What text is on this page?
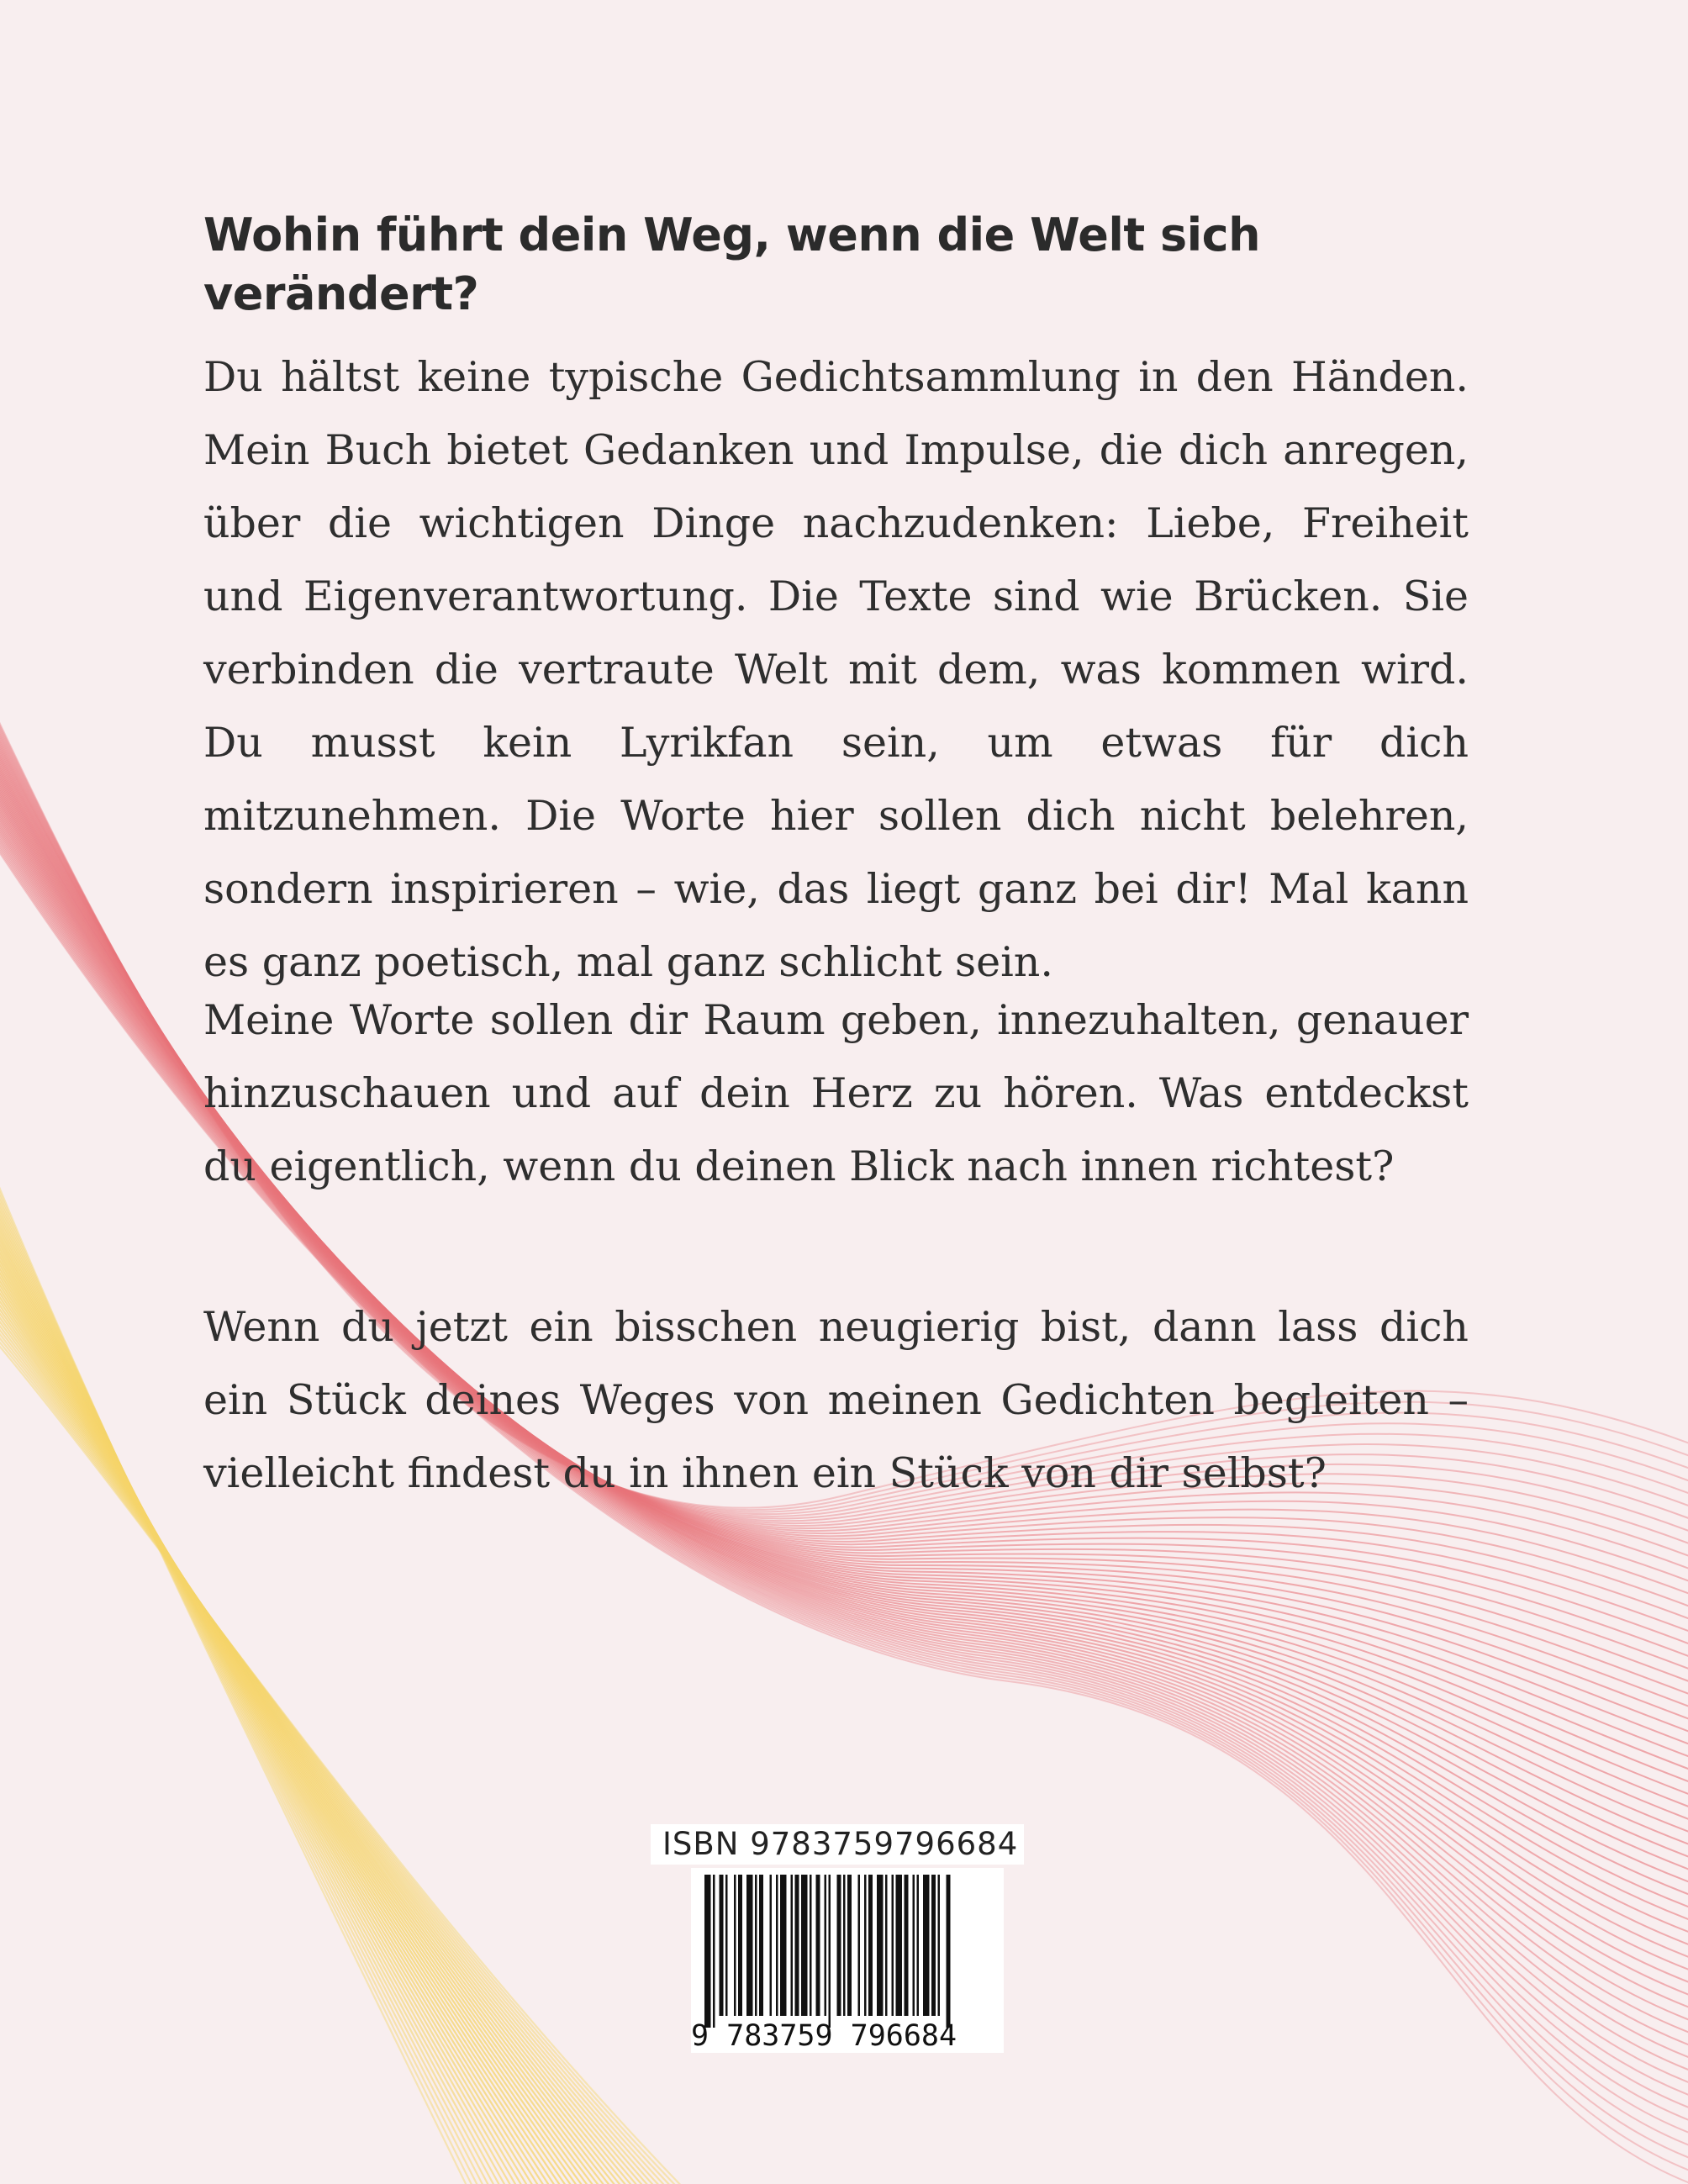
Wohin führt dein Weg, wenn die Welt sich verändert?

Du hältst keine typische Gedichtsammlung in den Händen. Mein Buch bietet Gedanken und Impulse, die dich anregen, über die wichtigen Dinge nachzudenken: Liebe, Freiheit und Eigenverantwortung. Die Texte sind wie Brücken. Sie verbinden die vertraute Welt mit dem, was kommen wird. Du musst kein Lyrikfan sein, um etwas für dich mitzunehmen. Die Worte hier sollen dich nicht belehren, sondern inspirieren – wie, das liegt ganz bei dir! Mal kann es ganz poetisch, mal ganz schlicht sein.

Meine Worte sollen dir Raum geben, innezuhalten, genauer hinzuschauen und auf dein Herz zu hören. Was entdeckst du eigentlich, wenn du deinen Blick nach innen richtest?

Wenn du jetzt ein bisschen neugierig bist, dann lass dich ein Stück deines Weges von meinen Gedichten begleiten – vielleicht findest du in ihnen ein Stück von dir selbst?

ISBN 9783759796684
9 783759 796684
